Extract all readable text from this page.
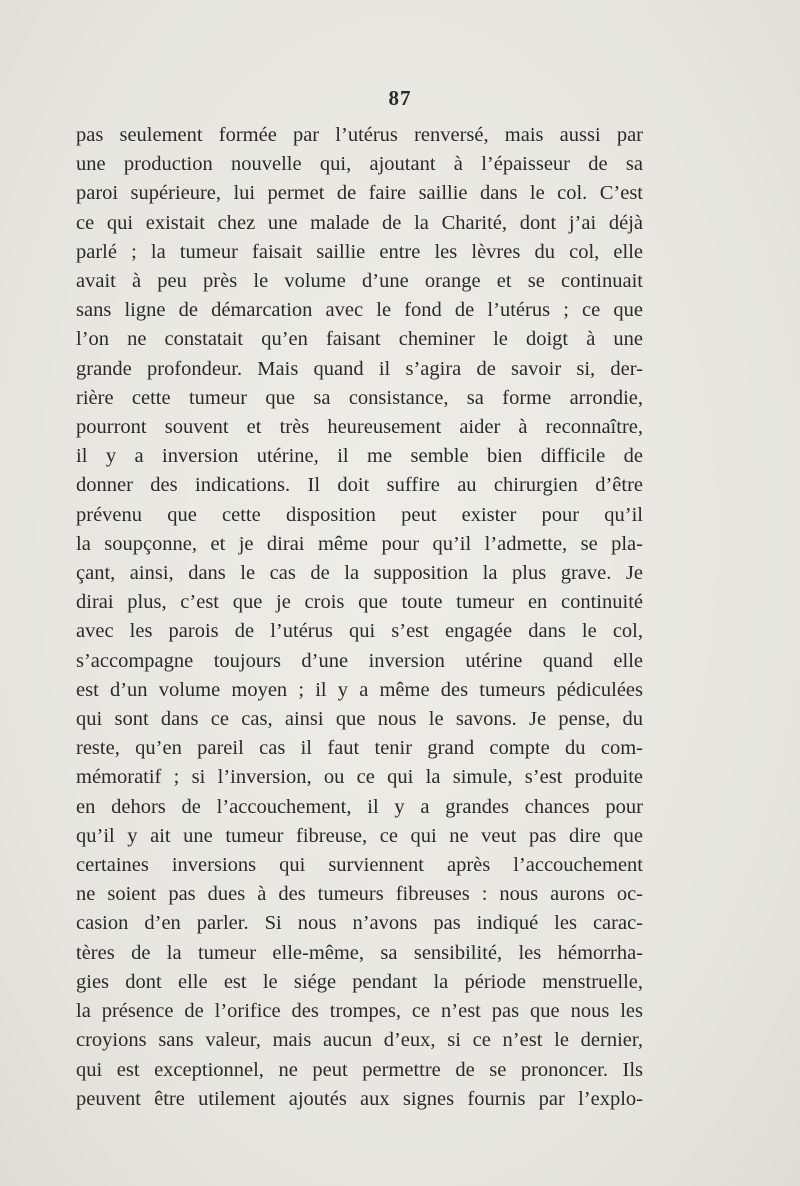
87
pas seulement formée par l’utérus renversé, mais aussi par
une production nouvelle qui, ajoutant à l’épaisseur de sa
paroi supérieure, lui permet de faire saillie dans le col. C’est
ce qui existait chez une malade de la Charité, dont j’ai déjà
parlé ; la tumeur faisait saillie entre les lèvres du col, elle
avait à peu près le volume d’une orange et se continuait
sans ligne de démarcation avec le fond de l’utérus ; ce que
l’on ne constatait qu’en faisant cheminer le doigt à une
grande profondeur. Mais quand il s’agira de savoir si, der-
rière cette tumeur que sa consistance, sa forme arrondie,
pourront souvent et très heureusement aider à reconnaître,
il y a inversion utérine, il me semble bien difficile de
donner des indications. Il doit suffire au chirurgien d’être
prévenu que cette disposition peut exister pour qu’il
la soupçonne, et je dirai même pour qu’il l’admette, se pla-
çant, ainsi, dans le cas de la supposition la plus grave. Je
dirai plus, c’est que je crois que toute tumeur en continuité
avec les parois de l’utérus qui s’est engagée dans le col,
s’accompagne toujours d’une inversion utérine quand elle
est d’un volume moyen ; il y a même des tumeurs pédiculées
qui sont dans ce cas, ainsi que nous le savons. Je pense, du
reste, qu’en pareil cas il faut tenir grand compte du com-
mémoratif ; si l’inversion, ou ce qui la simule, s’est produite
en dehors de l’accouchement, il y a grandes chances pour
qu’il y ait une tumeur fibreuse, ce qui ne veut pas dire que
certaines inversions qui surviennent après l’accouchement
ne soient pas dues à des tumeurs fibreuses : nous aurons oc-
casion d’en parler. Si nous n’avons pas indiqué les carac-
tères de la tumeur elle-même, sa sensibilité, les hémorrha-
gies dont elle est le siége pendant la période menstruelle,
la présence de l’orifice des trompes, ce n’est pas que nous les
croyions sans valeur, mais aucun d’eux, si ce n’est le dernier,
qui est exceptionnel, ne peut permettre de se prononcer. Ils
peuvent être utilement ajoutés aux signes fournis par l’explo-
